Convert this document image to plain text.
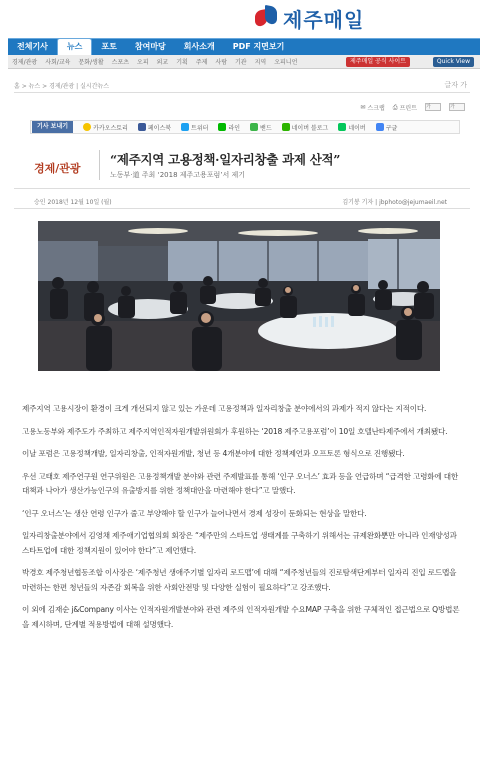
제주매일
전체기사	뉴스	포토	참여마당	회사소개	PDF 지면보기
경제/관광	사회/교육	문화/생활	스포츠	오피	외교	기획	주제	사람	기관	지역	오피니언	제주매일 공식 사이트	Quick View
홈 > 뉴스 > 경제/관광 | 실시간뉴스	글자 가
✉ 스크랩 ⎙ 프린트 가	가
기사 보내기	카카오스토리	페이스북	트위터	라인	밴드	네이버 블로그	네이버	구글
경제/관광
“제주지역 고용정책·일자리창출 과제 산적”
노동부·道 주최 ‘2018 제주고용포럼’서 제기
승인 2018년 12월 10일 (월)	김기봉 기자 | jbphoto@jejumaeil.net

제주지역 고용시장이 환경이 크게 개선되지 않고 있는 가운데 고용정책과 일자리창출 분야에서의 과제가 적지 않다는 지적이다.

고용노동부와 제주도가 주최하고 제주지역인적자원개발위원회가 후원하는 ‘2018 제주고용포럼’이 10일 호텔난타제주에서 개최됐다.

이날 포럼은 고용정책개발, 일자리창출, 인적자원개발, 청년 등 4개분야에 대한 정책제언과 오프토론 형식으로 진행됐다.

우선 고태호 제주연구원 연구위원은 고용정책개발 분야와 관련 주제발표를 통해 ‘인구 오너스’ 효과 등을 언급하며 “급격한 고령화에 대한 대책과 나아가 생산가능인구의 유출방지를 위한 정책대안을 마련해야 한다”고 말했다.

‘인구 오너스’는 생산 연령 인구가 줄고 부양해야 할 인구가 늘어나면서 경제 성장이 둔화되는 현상을 말한다.

일자리창출분야에서 김영채 제주애기업협의회 회장은 “제주만의 스타트업 생태계를 구축하기 위해서는 규제완화뿐만 아니라 인재양성과 스타트업에 대한 정책지원이 있어야 한다”고 제언했다.

박경호 제주청년협동조합 이사장은 ‘제주청년 생애주기별 일자리 로드맵’에 대해 “제주청년들의 진로탐색단계부터 일자리 진입 로드맵을 마련하는 한편 청년들의 자존감 회복을 위한 사회안전망 및 다양한 실험이 필요하다”고 강조했다.

이 외에 김재순 j&Company 이사는 인적자원개발분야와 관련 제주의 인적자원개발 수요MAP 구축을 위한 구체적인 접근법으로 Q방법론을 제시하며, 단계별 적용방법에 대해 설명했다.
